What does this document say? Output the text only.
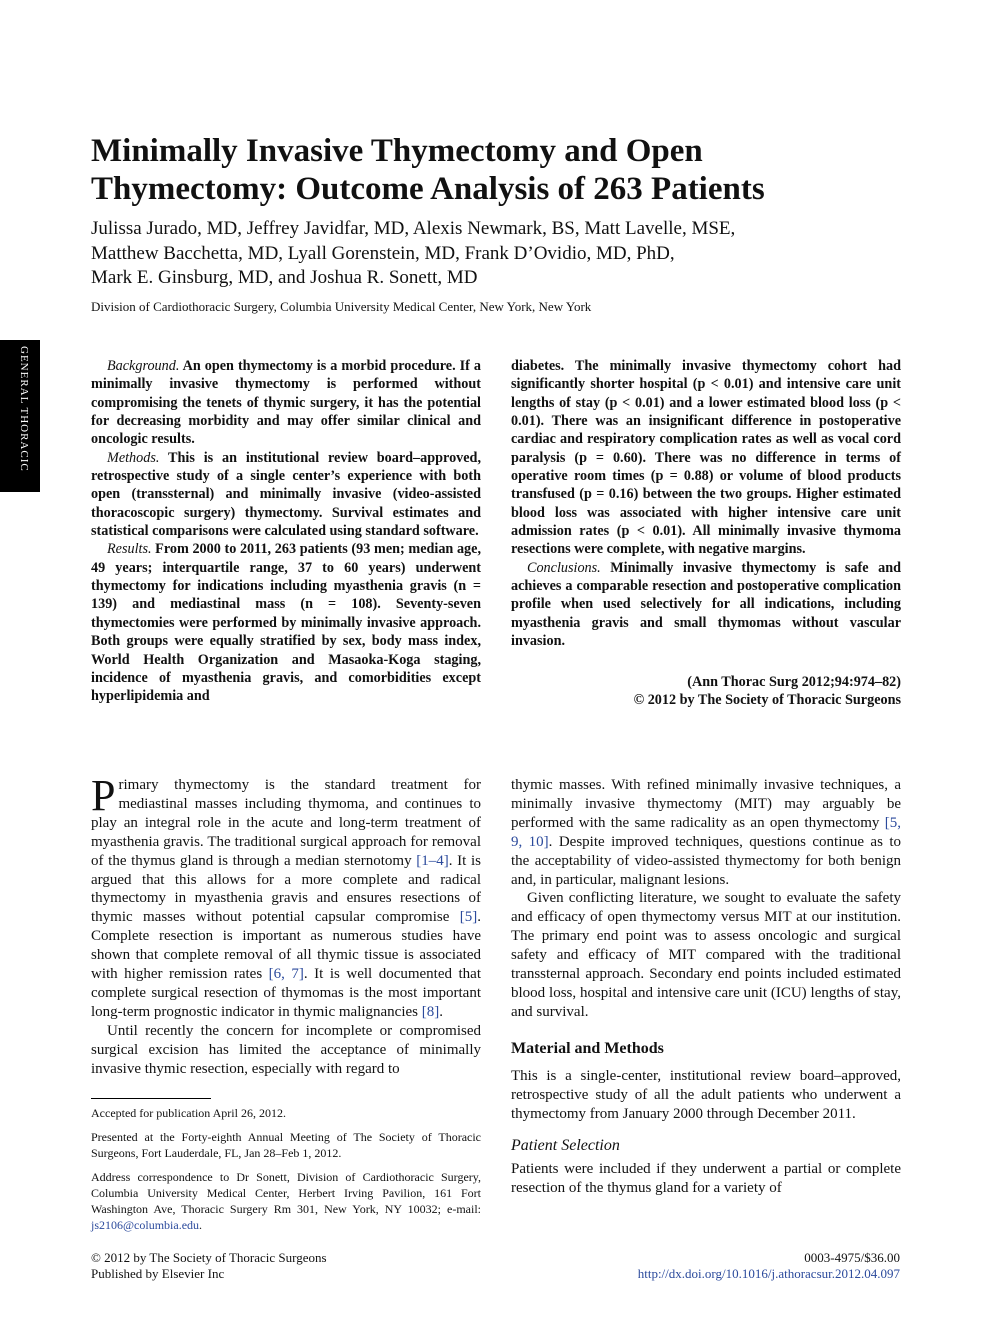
GENERAL THORACIC
Minimally Invasive Thymectomy and Open
Thymectomy: Outcome Analysis of 263 Patients
Julissa Jurado, MD, Jeffrey Javidfar, MD, Alexis Newmark, BS, Matt Lavelle, MSE,
Matthew Bacchetta, MD, Lyall Gorenstein, MD, Frank D’Ovidio, MD, PhD,
Mark E. Ginsburg, MD, and Joshua R. Sonett, MD
Division of Cardiothoracic Surgery, Columbia University Medical Center, New York, New York

Background. An open thymectomy is a morbid procedure. If a minimally invasive thymectomy is performed without compromising the tenets of thymic surgery, it has the potential for decreasing morbidity and may offer similar clinical and oncologic results.

Methods. This is an institutional review board–approved, retrospective study of a single center’s experience with both open (transsternal) and minimally invasive (video-assisted thoracoscopic surgery) thymectomy. Survival estimates and statistical comparisons were calculated using standard software.

Results. From 2000 to 2011, 263 patients (93 men; median age, 49 years; interquartile range, 37 to 60 years) underwent thymectomy for indications including myasthenia gravis (n = 139) and mediastinal mass (n = 108). Seventy-seven thymectomies were performed by minimally invasive approach. Both groups were equally stratified by sex, body mass index, World Health Organization and Masaoka-Koga staging, incidence of myasthenia gravis, and comorbidities except hyperlipidemia and

diabetes. The minimally invasive thymectomy cohort had significantly shorter hospital (p < 0.01) and intensive care unit lengths of stay (p < 0.01) and a lower estimated blood loss (p < 0.01). There was an insignificant difference in postoperative cardiac and respiratory complication rates as well as vocal cord paralysis (p = 0.60). There was no difference in terms of operative room times (p = 0.88) or volume of blood products transfused (p = 0.16) between the two groups. Higher estimated blood loss was associated with higher intensive care unit admission rates (p < 0.01). All minimally invasive thymoma resections were complete, with negative margins.

Conclusions. Minimally invasive thymectomy is safe and achieves a comparable resection and postoperative complication profile when used selectively for all indications, including myasthenia gravis and small thymomas without vascular invasion.

(Ann Thorac Surg 2012;94:974–82)
© 2012 by The Society of Thoracic Surgeons

Primary thymectomy is the standard treatment for mediastinal masses including thymoma, and continues to play an integral role in the acute and long-term treatment of myasthenia gravis. The traditional surgical approach for removal of the thymus gland is through a median sternotomy [1–4]. It is argued that this allows for a more complete and radical thymectomy in myasthenia gravis and ensures resections of thymic masses without potential capsular compromise [5]. Complete resection is important as numerous studies have shown that complete removal of all thymic tissue is associated with higher remission rates [6, 7]. It is well documented that complete surgical resection of thymomas is the most important long-term prognostic indicator in thymic malignancies [8].

Until recently the concern for incomplete or compromised surgical excision has limited the acceptance of minimally invasive thymic resection, especially with regard to

Accepted for publication April 26, 2012.

Presented at the Forty-eighth Annual Meeting of The Society of Thoracic Surgeons, Fort Lauderdale, FL, Jan 28–Feb 1, 2012.

Address correspondence to Dr Sonett, Division of Cardiothoracic Surgery, Columbia University Medical Center, Herbert Irving Pavilion, 161 Fort Washington Ave, Thoracic Surgery Rm 301, New York, NY 10032; e-mail: js2106@columbia.edu.

thymic masses. With refined minimally invasive techniques, a minimally invasive thymectomy (MIT) may arguably be performed with the same radicality as an open thymectomy [5, 9, 10]. Despite improved techniques, questions continue as to the acceptability of video-assisted thymectomy for both benign and, in particular, malignant lesions.

Given conflicting literature, we sought to evaluate the safety and efficacy of open thymectomy versus MIT at our institution. The primary end point was to assess oncologic and surgical safety and efficacy of MIT compared with the traditional transsternal approach. Secondary end points included estimated blood loss, hospital and intensive care unit (ICU) lengths of stay, and survival.

Material and Methods

This is a single-center, institutional review board–approved, retrospective study of all the adult patients who underwent a thymectomy from January 2000 through December 2011.

Patient Selection

Patients were included if they underwent a partial or complete resection of the thymus gland for a variety of

© 2012 by The Society of Thoracic Surgeons
Published by Elsevier Inc
0003-4975/$36.00
http://dx.doi.org/10.1016/j.athoracsur.2012.04.097
